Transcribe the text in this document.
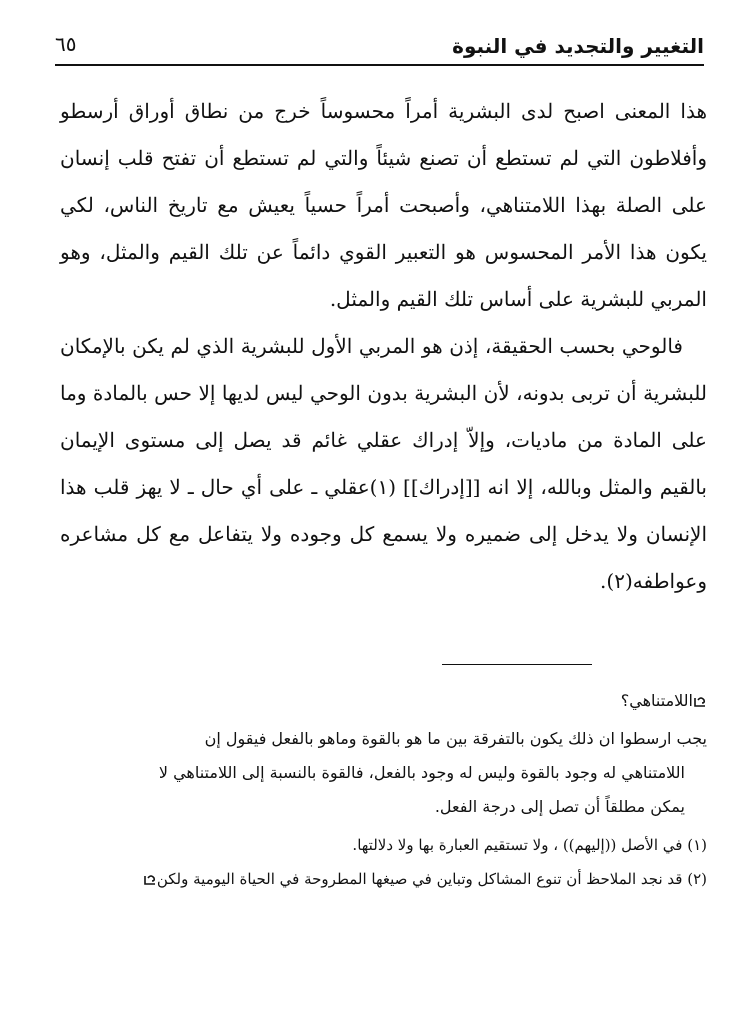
التغيير والتجديد في النبوة
٦٥

هذا المعنى اصبح لدى البشرية أمراً محسوساً خرج من نطاق أوراق أرسطو وأفلاطون التي لم تستطع أن تصنع شيئاً والتي لم تستطع أن تفتح قلب إنسان على الصلة بهذا اللامتناهي، وأصبحت أمراً حسياً يعيش مع تاريخ الناس، لكي يكون هذا الأمر المحسوس هو التعبير القوي دائماً عن تلك القيم والمثل، وهو المربي للبشرية على أساس تلك القيم والمثل.

فالوحي بحسب الحقيقة، إذن هو المربي الأول للبشرية الذي لم يكن بالإمكان للبشرية أن تربى بدونه، لأن البشرية بدون الوحي ليس لديها إلا حس بالمادة وما على المادة من ماديات، وإلاّ إدراك عقلي غائم قد يصل إلى مستوى الإيمان بالقيم والمثل وبالله، إلا انه [[إدراك]] (١)عقلي ـ على أي حال ـ لا يهز قلب هذا الإنسان ولا يدخل إلى ضميره ولا يسمع كل وجوده ولا يتفاعل مع كل مشاعره وعواطفه(٢).

اللامتناهي؟

يجب ارسطوا ان ذلك يكون بالتفرقة بين ما هو بالقوة وماهو بالفعل فيقول إن

اللامتناهي له وجود بالقوة وليس له وجود بالفعل، فالقوة بالنسبة إلى اللامتناهي لا

يمكن مطلقاً أن تصل إلى درجة الفعل.

(١) في الأصل ((إليهم)) ، ولا تستقيم العبارة بها ولا دلالتها.

(٢) قد نجد الملاحظ أن تنوع المشاكل وتباين في صيغها المطروحة في الحياة اليومية ولكن
